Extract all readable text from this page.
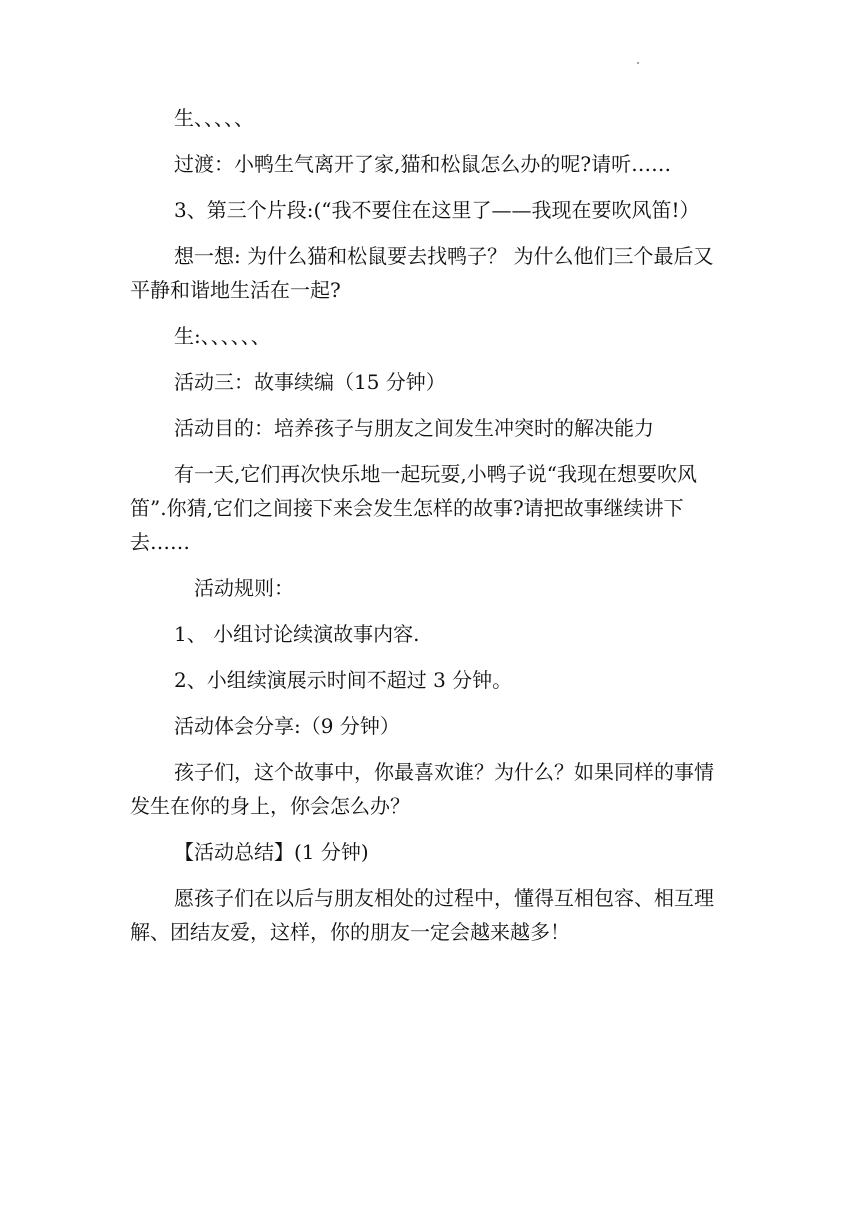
生、、、、、

过渡：小鸭生气离开了家,猫和松鼠怎么办的呢?请听……

3、第三个片段:(“我不要住在这里了——我现在要吹风笛!）

想一想: 为什么猫和松鼠要去找鸭子？ 为什么他们三个最后又平静和谐地生活在一起?

生:、、、、、、

活动三：故事续编（15 分钟）

活动目的：培养孩子与朋友之间发生冲突时的解决能力

有一天,它们再次快乐地一起玩耍,小鸭子说“我现在想要吹风笛”.你猜,它们之间接下来会发生怎样的故事?请把故事继续讲下去……

活动规则：

1、 小组讨论续演故事内容.

2、小组续演展示时间不超过 3 分钟。

活动体会分享:（9 分钟）

孩子们，这个故事中，你最喜欢谁？为什么？如果同样的事情发生在你的身上，你会怎么办？

【活动总结】(1 分钟)

愿孩子们在以后与朋友相处的过程中，懂得互相包容、相互理解、团结友爱，这样，你的朋友一定会越来越多！
